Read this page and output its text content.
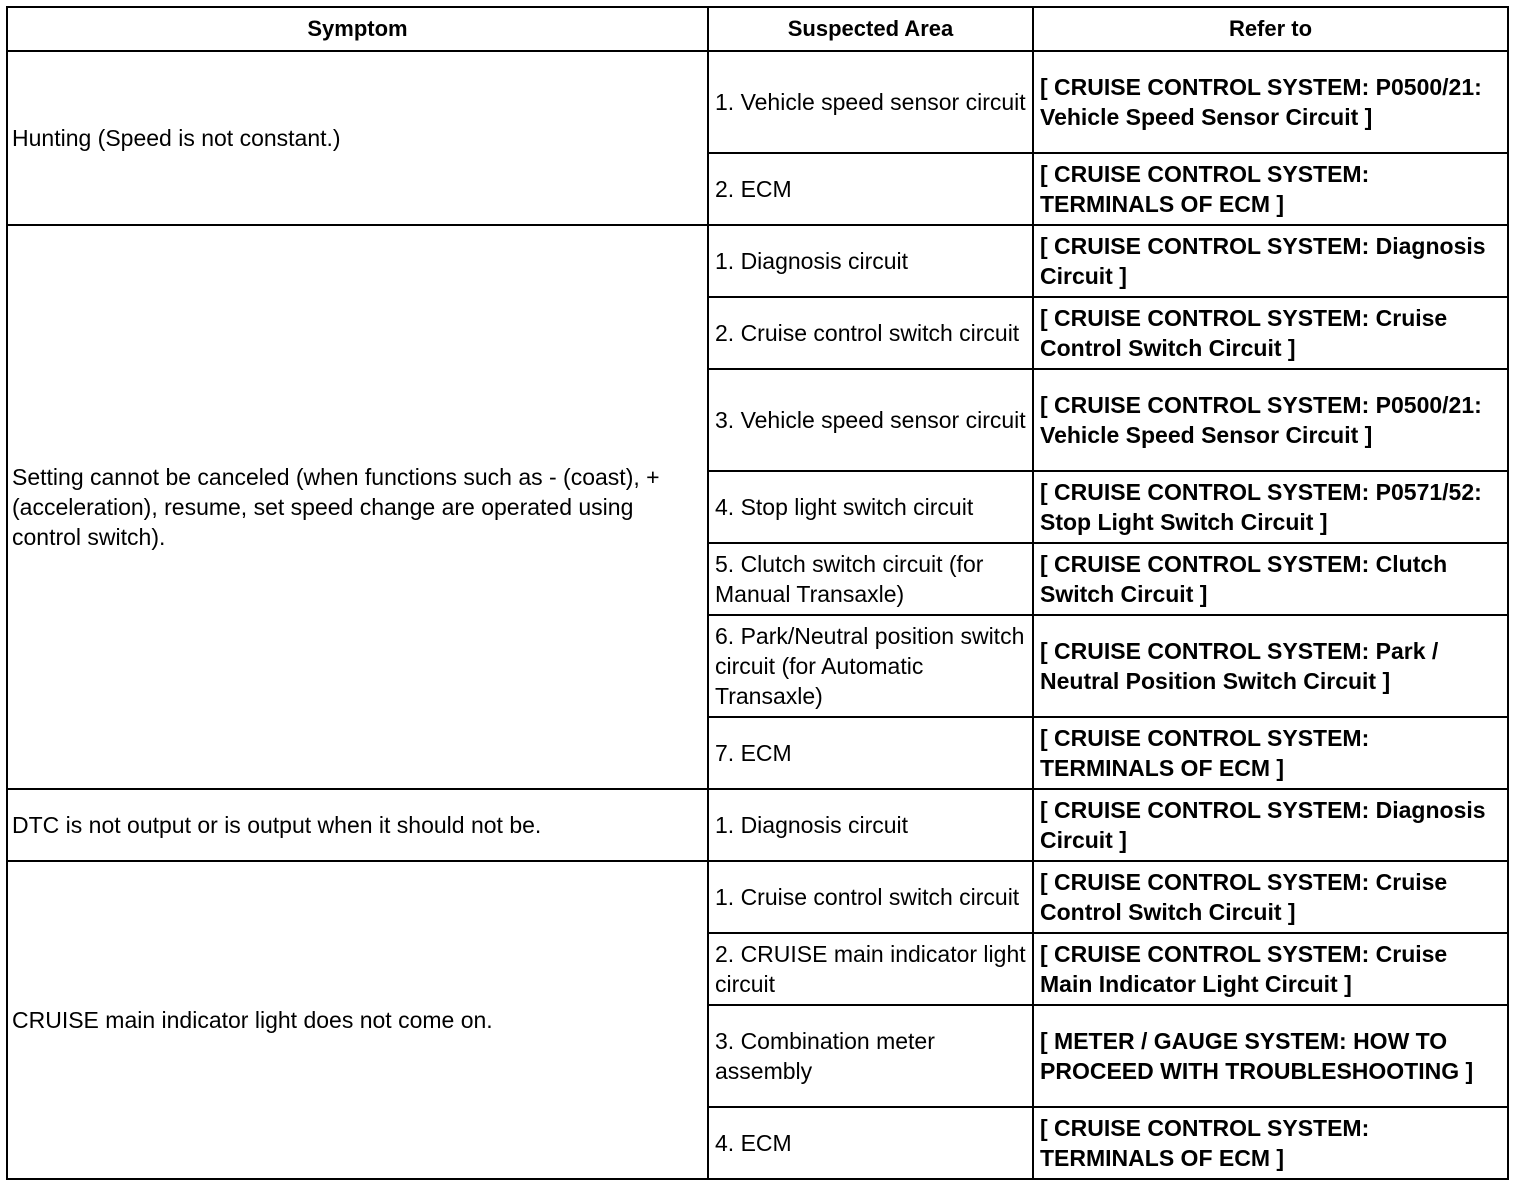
Symptom	Suspected Area	Refer to
Hunting (Speed is not constant.)	1. Vehicle speed sensor circuit	[ CRUISE CONTROL SYSTEM: P0500/21: Vehicle Speed Sensor Circuit ]
	2. ECM	[ CRUISE CONTROL SYSTEM: TERMINALS OF ECM ]
Setting cannot be canceled (when functions such as - (coast), + (acceleration), resume, set speed change are operated using control switch).	1. Diagnosis circuit	[ CRUISE CONTROL SYSTEM: Diagnosis Circuit ]
	2. Cruise control switch circuit	[ CRUISE CONTROL SYSTEM: Cruise Control Switch Circuit ]
	3. Vehicle speed sensor circuit	[ CRUISE CONTROL SYSTEM: P0500/21: Vehicle Speed Sensor Circuit ]
	4. Stop light switch circuit	[ CRUISE CONTROL SYSTEM: P0571/52: Stop Light Switch Circuit ]
	5. Clutch switch circuit (for Manual Transaxle)	[ CRUISE CONTROL SYSTEM: Clutch Switch Circuit ]
	6. Park/Neutral position switch circuit (for Automatic Transaxle)	[ CRUISE CONTROL SYSTEM: Park / Neutral Position Switch Circuit ]
	7. ECM	[ CRUISE CONTROL SYSTEM: TERMINALS OF ECM ]
DTC is not output or is output when it should not be.	1. Diagnosis circuit	[ CRUISE CONTROL SYSTEM: Diagnosis Circuit ]
CRUISE main indicator light does not come on.	1. Cruise control switch circuit	[ CRUISE CONTROL SYSTEM: Cruise Control Switch Circuit ]
	2. CRUISE main indicator light circuit	[ CRUISE CONTROL SYSTEM: Cruise Main Indicator Light Circuit ]
	3. Combination meter assembly	[ METER / GAUGE SYSTEM: HOW TO PROCEED WITH TROUBLESHOOTING ]
	4. ECM	[ CRUISE CONTROL SYSTEM: TERMINALS OF ECM ]
